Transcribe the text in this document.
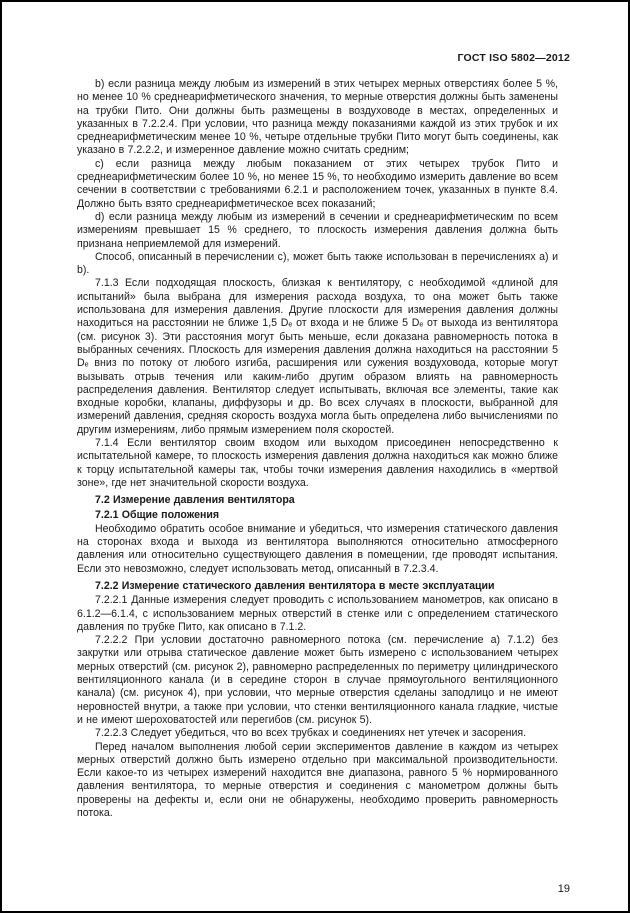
ГОСТ ISO 5802—2012

b) если разница между любым из измерений в этих четырех мерных отверстиях более 5 %, но менее 10 % среднеарифметического значения, то мерные отверстия должны быть заменены на трубки Пито. Они должны быть размещены в воздуховоде в местах, определенных и указанных в 7.2.2.4. При условии, что разница между показаниями каждой из этих трубок и их среднеарифметическим менее 10 %, четыре отдельные трубки Пито могут быть соединены, как указано в 7.2.2.2, и измеренное давление можно считать средним;

c) если разница между любым показанием от этих четырех трубок Пито и среднеарифметическим более 10 %, но менее 15 %, то необходимо измерить давление во всем сечении в соответствии с требованиями 6.2.1 и расположением точек, указанных в пункте 8.4. Должно быть взято среднеарифметическое всех показаний;

d) если разница между любым из измерений в сечении и среднеарифметическим по всем измерениям превышает 15 % среднего, то плоскость измерения давления должна быть признана неприемлемой для измерений.

Способ, описанный в перечислении c), может быть также использован в перечислениях a) и b).

7.1.3 Если подходящая плоскость, близкая к вентилятору, с необходимой «длиной для испытаний» была выбрана для измерения расхода воздуха, то она может быть также использована для измерения давления. Другие плоскости для измерения давления должны находиться на расстоянии не ближе 1,5 Dₑ от входа и не ближе 5 Dₑ от выхода из вентилятора (см. рисунок 3). Эти расстояния могут быть меньше, если доказана равномерность потока в выбранных сечениях. Плоскость для измерения давления должна находиться на расстоянии 5 Dₑ вниз по потоку от любого изгиба, расширения или сужения воздуховода, которые могут вызывать отрыв течения или каким-либо другим образом влиять на равномерность распределения давления. Вентилятор следует испытывать, включая все элементы, такие как входные коробки, клапаны, диффузоры и др. Во всех случаях в плоскости, выбранной для измерений давления, средняя скорость воздуха могла быть определена либо вычислениями по другим измерениям, либо прямым измерением поля скоростей.

7.1.4 Если вентилятор своим входом или выходом присоединен непосредственно к испытательной камере, то плоскость измерения давления должна находиться как можно ближе к торцу испытательной камеры так, чтобы точки измерения давления находились в «мертвой зоне», где нет значительной скорости воздуха.

7.2 Измерение давления вентилятора

7.2.1 Общие положения

Необходимо обратить особое внимание и убедиться, что измерения статического давления на сторонах входа и выхода из вентилятора выполняются относительно атмосферного давления или относительно существующего давления в помещении, где проводят испытания. Если это невозможно, следует использовать метод, описанный в 7.2.3.4.

7.2.2 Измерение статического давления вентилятора в месте эксплуатации

7.2.2.1 Данные измерения следует проводить с использованием манометров, как описано в 6.1.2—6.1.4, с использованием мерных отверстий в стенке или с определением статического давления по трубке Пито, как описано в 7.1.2.

7.2.2.2 При условии достаточно равномерного потока (см. перечисление а) 7.1.2) без закрутки или отрыва статическое давление может быть измерено с использованием четырех мерных отверстий (см. рисунок 2), равномерно распределенных по периметру цилиндрического вентиляционного канала (и в середине сторон в случае прямоугольного вентиляционного канала) (см. рисунок 4), при условии, что мерные отверстия сделаны заподлицо и не имеют неровностей внутри, а также при условии, что стенки вентиляционного канала гладкие, чистые и не имеют шероховатостей или перегибов (см. рисунок 5).

7.2.2.3 Следует убедиться, что во всех трубках и соединениях нет утечек и засорения.

Перед началом выполнения любой серии экспериментов давление в каждом из четырех мерных отверстий должно быть измерено отдельно при максимальной производительности. Если какое-то из четырех измерений находится вне диапазона, равного 5 % нормированного давления вентилятора, то мерные отверстия и соединения с манометром должны быть проверены на дефекты и, если они не обнаружены, необходимо проверить равномерность потока.

19
